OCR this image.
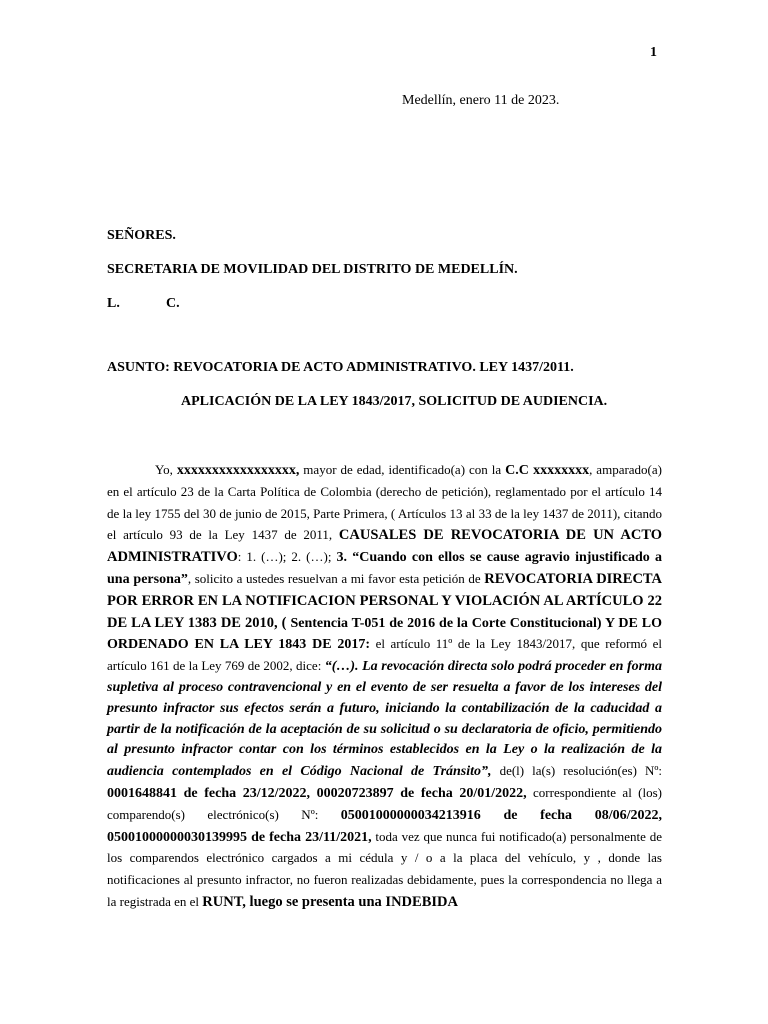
1
Medellín, enero 11 de 2023.
SEÑORES.
SECRETARIA DE MOVILIDAD DEL DISTRITO DE MEDELLÍN.
L.	C.
ASUNTO: REVOCATORIA DE ACTO ADMINISTRATIVO. LEY 1437/2011.
APLICACIÓN DE LA LEY 1843/2017, SOLICITUD DE AUDIENCIA.

Yo, xxxxxxxxxxxxxxxxx, mayor de edad, identificado(a) con la C.C xxxxxxxx, amparado(a) en el artículo 23 de la Carta Política de Colombia (derecho de petición), reglamentado por el artículo 14 de la ley 1755 del 30 de junio de 2015, Parte Primera, ( Artículos 13 al 33 de la ley 1437 de 2011), citando el artículo 93 de la Ley 1437 de 2011, CAUSALES DE REVOCATORIA DE UN ACTO ADMINISTRATIVO: 1. (…); 2. (…); 3. “Cuando con ellos se cause agravio injustificado a una persona”, solicito a ustedes resuelvan a mi favor esta petición de REVOCATORIA DIRECTA POR ERROR EN LA NOTIFICACION PERSONAL Y VIOLACIÓN AL ARTÍCULO 22 DE LA LEY 1383 DE 2010, ( Sentencia T-051 de 2016 de la Corte Constitucional) Y DE LO ORDENADO EN LA LEY 1843 DE 2017: el artículo 11º de la Ley 1843/2017, que reformó el artículo 161 de la Ley 769 de 2002, dice: “(…). La revocación directa solo podrá proceder en forma supletiva al proceso contravencional y en el evento de ser resuelta a favor de los intereses del presunto infractor sus efectos serán a futuro, iniciando la contabilización de la caducidad a partir de la notificación de la aceptación de su solicitud o su declaratoria de oficio, permitiendo al presunto infractor contar con los términos establecidos en la Ley o la realización de la audiencia contemplados en el Código Nacional de Tránsito”, de(l) la(s) resolución(es) Nº: 0001648841 de fecha 23/12/2022, 00020723897 de fecha 20/01/2022, correspondiente al (los) comparendo(s) electrónico(s) Nº: 05001000000034213916 de fecha 08/06/2022, 05001000000030139995 de fecha 23/11/2021, toda vez que nunca fui notificado(a) personalmente de los comparendos electrónico cargados a mi cédula y / o a la placa del vehículo, y , donde las notificaciones al presunto infractor, no fueron realizadas debidamente, pues la correspondencia no llega a la registrada en el RUNT, luego se presenta una INDEBIDA
